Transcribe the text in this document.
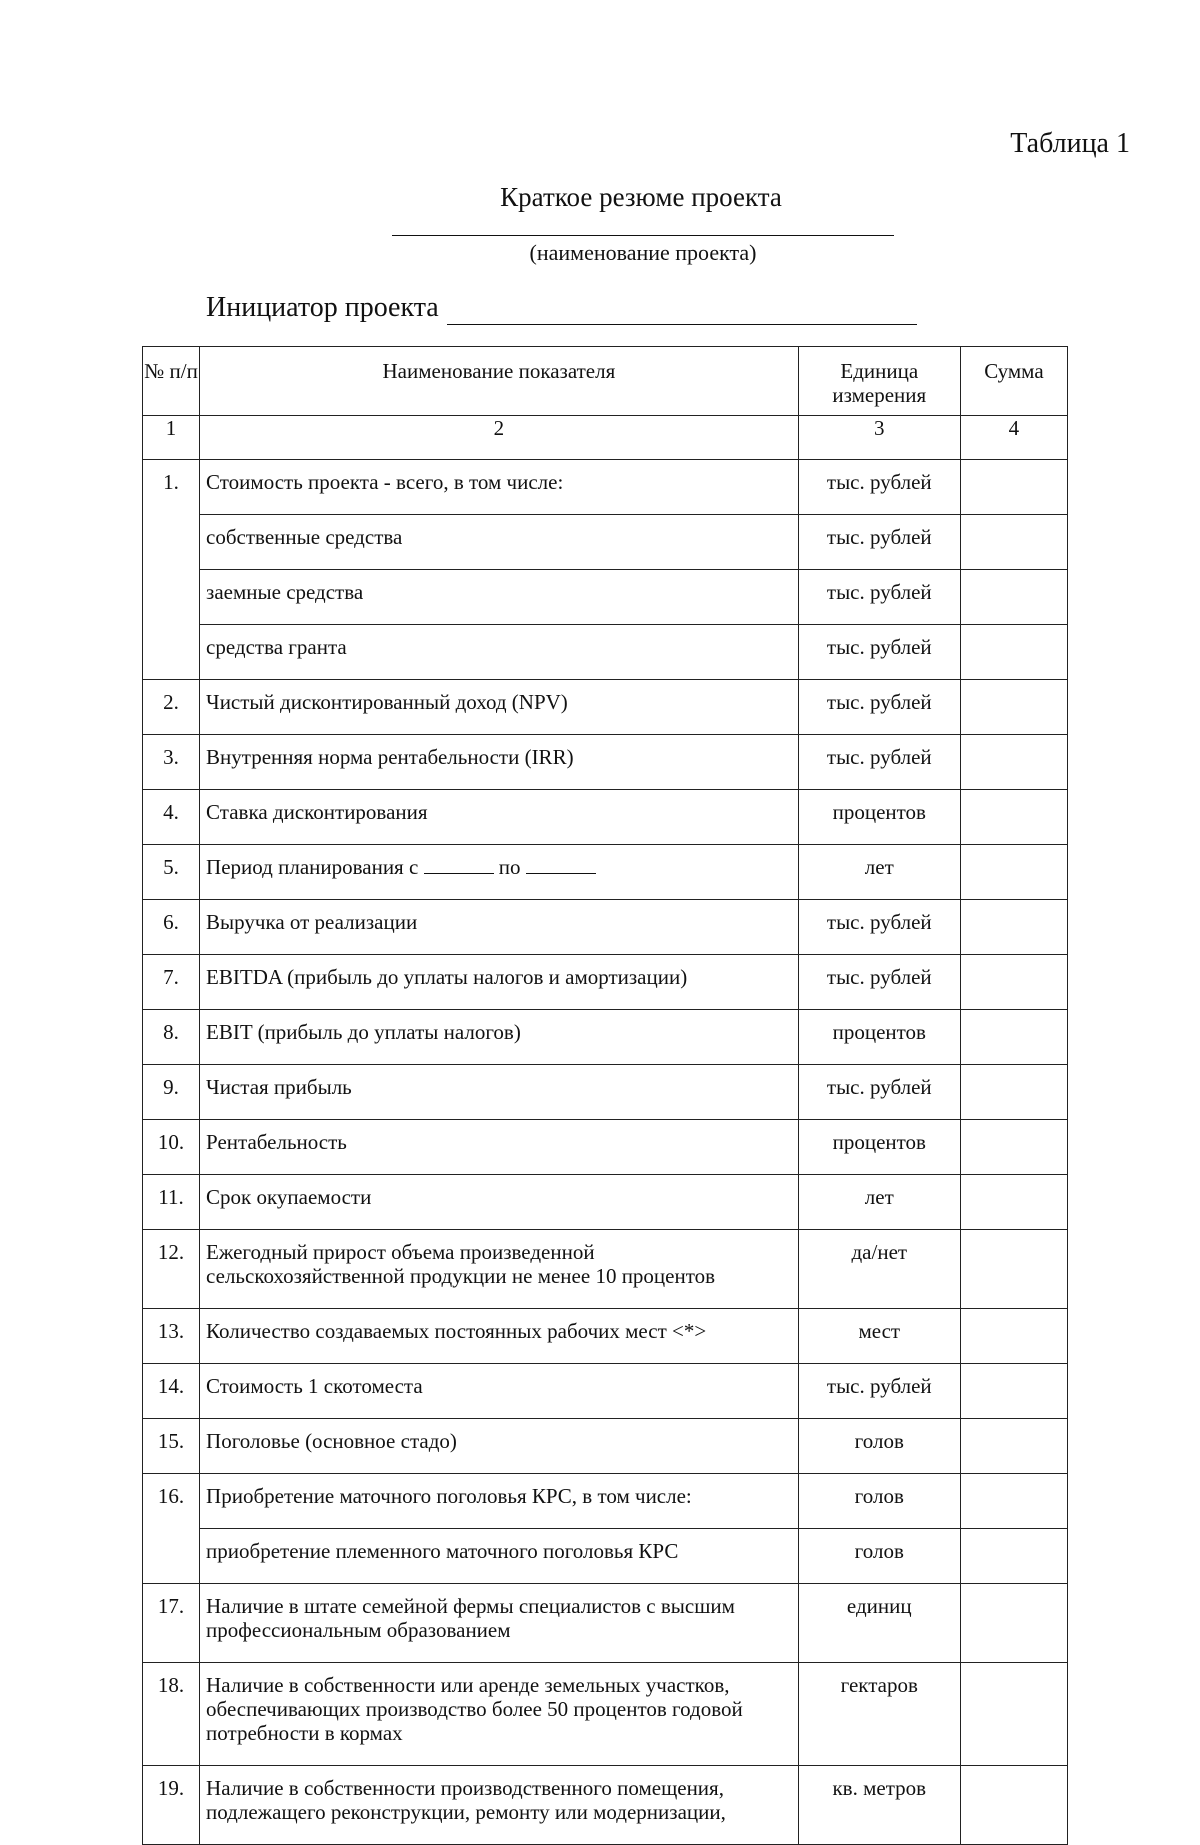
Таблица 1
Краткое резюме проекта
(наименование проекта)
Инициатор проекта
№ п/п	Наименование показателя	Единица измерения	Сумма
1	2	3	4
1.	Стоимость проекта - всего, в том числе:	тыс. рублей	
	собственные средства	тыс. рублей	
	заемные средства	тыс. рублей	
	средства гранта	тыс. рублей	
2.	Чистый дисконтированный доход (NPV)	тыс. рублей	
3.	Внутренняя норма рентабельности (IRR)	тыс. рублей	
4.	Ставка дисконтирования	процентов	
5.	Период планирования с по	лет	
6.	Выручка от реализации	тыс. рублей	
7.	EBITDA (прибыль до уплаты налогов и амортизации)	тыс. рублей	
8.	EBIT (прибыль до уплаты налогов)	процентов	
9.	Чистая прибыль	тыс. рублей	
10.	Рентабельность	процентов	
11.	Срок окупаемости	лет	
12.	Ежегодный прирост объема произведенной сельскохозяйственной продукции не менее 10 процентов	да/нет	
13.	Количество создаваемых постоянных рабочих мест <*>	мест	
14.	Стоимость 1 скотоместа	тыс. рублей	
15.	Поголовье (основное стадо)	голов	
16.	Приобретение маточного поголовья КРС, в том числе:	голов	
	приобретение племенного маточного поголовья КРС	голов	
17.	Наличие в штате семейной фермы специалистов с высшим профессиональным образованием	единиц	
18.	Наличие в собственности или аренде земельных участков, обеспечивающих производство более 50 процентов годовой потребности в кормах	гектаров	
19.	Наличие в собственности производственного помещения, подлежащего реконструкции, ремонту или модернизации,	кв. метров	
